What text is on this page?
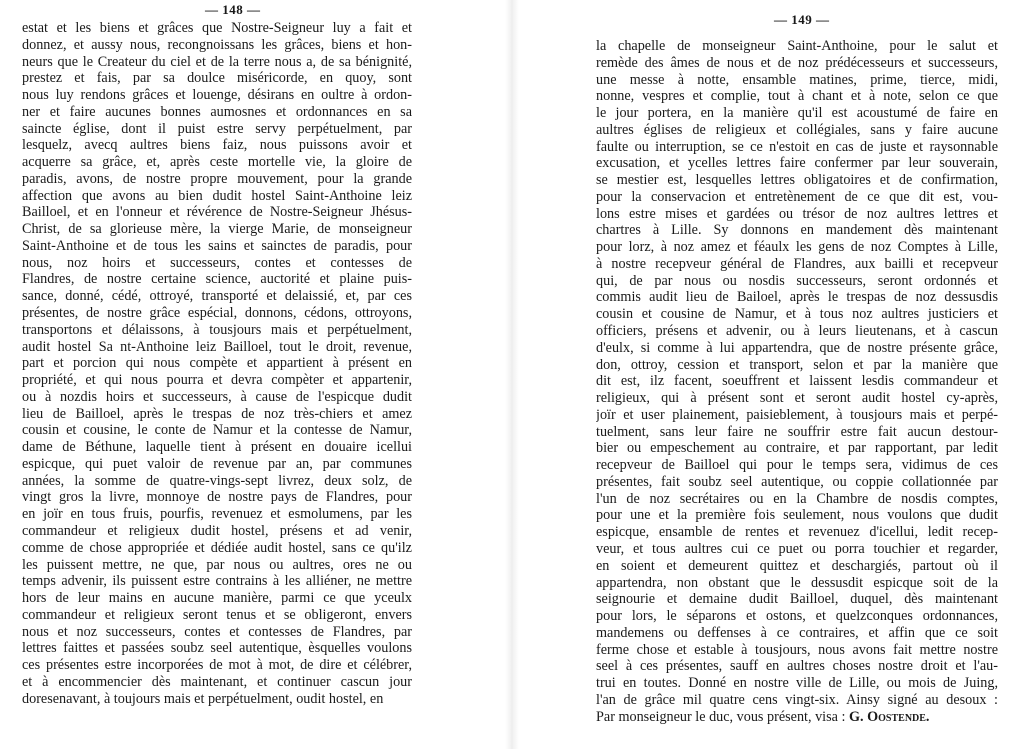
— 148 —
estat et les biens et grâces que Nostre-Seigneur luy a fait et
donnez, et aussy nous, recongnoissans les grâces, biens et hon-
neurs que le Createur du ciel et de la terre nous a, de sa bénignité,
prestez et fais, par sa doulce miséricorde, en quoy, sont
nous luy rendons grâces et louenge, désirans en oultre à ordon-
ner et faire aucunes bonnes aumosnes et ordonnances en sa
saincte église, dont il puist estre servy perpétuelment, par
lesquelz, avecq aultres biens faiz, nous puissons avoir et
acquerre sa grâce, et, après ceste mortelle vie, la gloire de
paradis, avons, de nostre propre mouvement, pour la grande
affection que avons au bien dudit hostel Saint-Anthoine leiz
Bailloel, et en l'onneur et révérence de Nostre-Seigneur Jhésus-
Christ, de sa glorieuse mère, la vierge Marie, de monseigneur
Saint-Anthoine et de tous les sains et sainctes de paradis, pour
nous, noz hoirs et successeurs, contes et contesses de
Flandres, de nostre certaine science, auctorité et plaine puis-
sance, donné, cédé, ottroyé, transporté et delaissié, et, par ces
présentes, de nostre grâce espécial, donnons, cédons, ottroyons,
transportons et délaissons, à tousjours mais et perpétuelment,
audit hostel Sa nt-Anthoine leiz Bailloel, tout le droit, revenue,
part et porcion qui nous compète et appartient à présent en
propriété, et qui nous pourra et devra compèter et appartenir,
ou à nozdis hoirs et successeurs, à cause de l'espicque dudit
lieu de Bailloel, après le trespas de noz très-chiers et amez
cousin et cousine, le conte de Namur et la contesse de Namur,
dame de Béthune, laquelle tient à présent en douaire icellui
espicque, qui puet valoir de revenue par an, par communes
années, la somme de quatre-vings-sept livrez, deux solz, de
vingt gros la livre, monnoye de nostre pays de Flandres, pour
en joïr en tous fruis, pourfis, revenuez et esmolumens, par les
commandeur et religieux dudit hostel, présens et ad venir,
comme de chose appropriée et dédiée audit hostel, sans ce qu'ilz
les puissent mettre, ne que, par nous ou aultres, ores ne ou
temps advenir, ils puissent estre contrains à les alliéner, ne mettre
hors de leur mains en aucune manière, parmi ce que yceulx
commandeur et religieux seront tenus et se obligeront, envers
nous et noz successeurs, contes et contesses de Flandres, par
lettres faittes et passées soubz seel autentique, èsquelles voulons
ces présentes estre incorporées de mot à mot, de dire et célébrer,
et à encommencier dès maintenant, et continuer cascun jour
doresenavant, à toujours mais et perpétuelment, oudit hostel, en
— 149 —
la chapelle de monseigneur Saint-Anthoine, pour le salut et
remède des âmes de nous et de noz prédécesseurs et successeurs,
une messe à notte, ensamble matines, prime, tierce, midi,
nonne, vespres et complie, tout à chant et à note, selon ce que
le jour portera, en la manière qu'il est acoustumé de faire en
aultres églises de religieux et collégiales, sans y faire aucune
faulte ou interruption, se ce n'estoit en cas de juste et raysonnable
excusation, et ycelles lettres faire confermer par leur souverain,
se mestier est, lesquelles lettres obligatoires et de confirmation,
pour la conservacion et entretènement de ce que dit est, vou-
lons estre mises et gardées ou trésor de noz aultres lettres et
chartres à Lille. Sy donnons en mandement dès maintenant
pour lorz, à noz amez et féaulx les gens de noz Comptes à Lille,
à nostre recepveur général de Flandres, aux bailli et recepveur
qui, de par nous ou nosdis successeurs, seront ordonnés et
commis audit lieu de Bailoel, après le trespas de noz dessusdis
cousin et cousine de Namur, et à tous noz aultres justiciers et
officiers, présens et advenir, ou à leurs lieutenans, et à cascun
d'eulx, si comme à lui appartendra, que de nostre présente grâce,
don, ottroy, cession et transport, selon et par la manière que
dit est, ilz facent, soeuffrent et laissent lesdis commandeur et
religieux, qui à présent sont et seront audit hostel cy-après,
joïr et user plainement, paisieblement, à tousjours mais et perpé-
tuelment, sans leur faire ne souffrir estre fait aucun destour-
bier ou empeschement au contraire, et par rapportant, par ledit
recepveur de Bailloel qui pour le temps sera, vidimus de ces
présentes, fait soubz seel autentique, ou coppie collationnée par
l'un de noz secrétaires ou en la Chambre de nosdis comptes,
pour une et la première fois seulement, nous voulons que dudit
espicque, ensamble de rentes et revenuez d'icellui, ledit recep-
veur, et tous aultres cui ce puet ou porra touchier et regarder,
en soient et demeurent quittez et deschargiés, partout où il
appartendra, non obstant que le dessusdit espicque soit de la
seignourie et demaine dudit Bailloel, duquel, dès maintenant
pour lors, le séparons et ostons, et quelzconques ordonnances,
mandemens ou deffenses à ce contraires, et affin que ce soit
ferme chose et estable à tousjours, nous avons fait mettre nostre
seel à ces présentes, sauff en aultres choses nostre droit et l'au-
trui en toutes. Donné en nostre ville de Lille, ou mois de Juing,
l'an de grâce mil quatre cens vingt-six. Ainsy signé au desoux :
Par monseigneur le duc, vous présent, visa : G. Oostende.
